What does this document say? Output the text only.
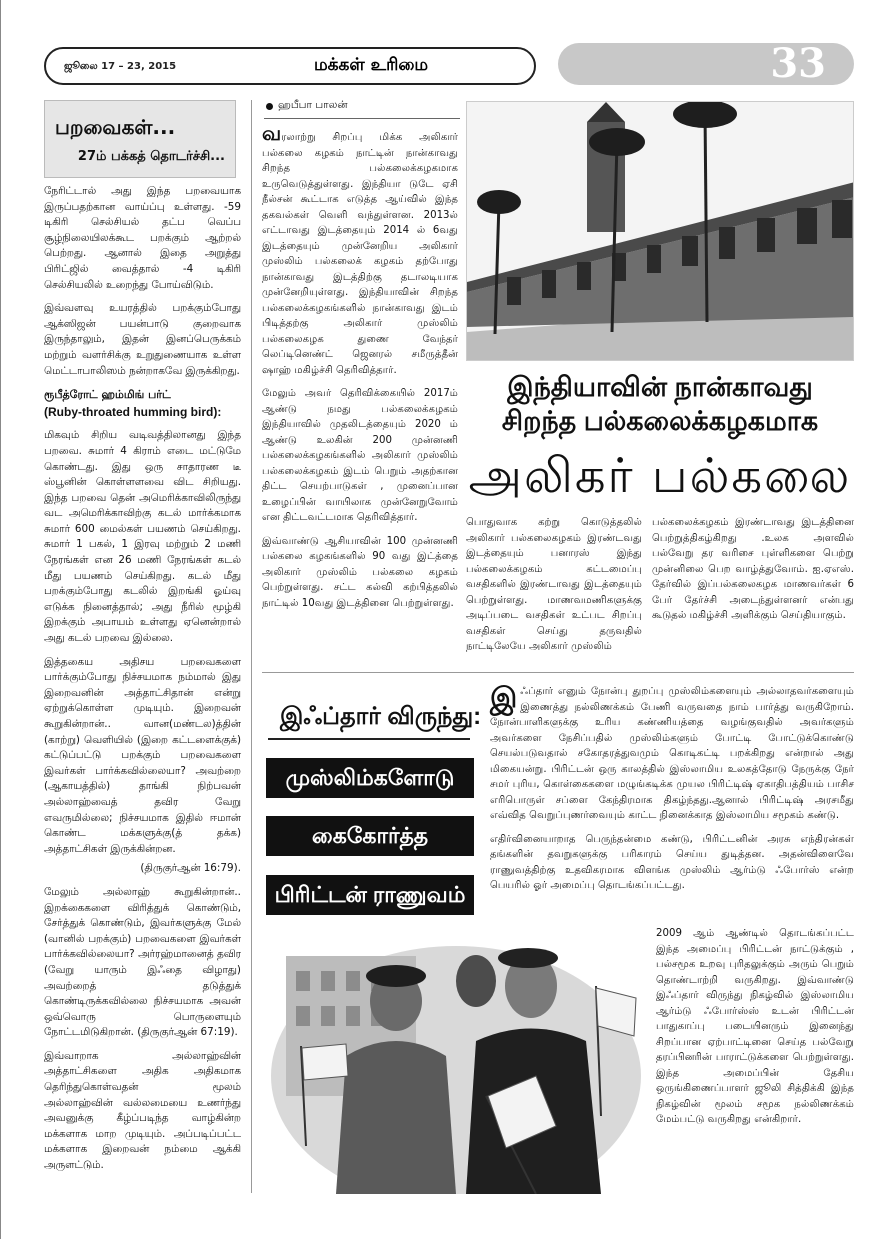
ஜூலை 17 – 23, 2015	மக்கள் உரிமை	33
பறவைகள்...
27ம் பக்கத் தொடர்ச்சி...

நேரிட்டால் அது இந்த பறவையாக இருப்பதற்கான வாய்ப்பு உள்ளது. -59 டிகிரி செல்சியல் தட்ப வெப்ப சூழ்நிலையிலக்கூட பறக்கும் ஆற்றல் பெற்றது. ஆனால் இதை அறுத்து பிரிட்ஜில் வைத்தால் -4 டிகிரி செல்சியலில் உறைந்து போய்விடும்.

இவ்வளவு உயரத்தில் பறக்கும்போது ஆக்ஸிஜன் பயன்பாடு குறைவாக இருந்தாலும், இதன் இனப்பெருக்கம் மற்றும் வளர்சிக்கு உறுதுணையாக உள்ள மெட்டாபாலிஸம் நன்றாகவே இருக்கிறது.

ரூபீத்ரோட் ஹம்மிங் பர்ட்

(Ruby-throated humming bird):

மிகவும் சிறிய வடிவத்திலானது இந்த பறவை. சுமார் 4 கிராம் எடை மட்டுமே கொண்டது. இது ஒரு சாதாரண டீ ஸ்பூனின் கொள்ளளவை விட சிறியது. இந்த பறவை தென் அமெரிக்காவிலிருந்து வட அமெரிக்காவிற்கு கடல் மார்க்கமாக சுமார் 600 மைல்கள் பயணம் செய்கிறது. சுமார் 1 பகல், 1 இரவு மற்றும் 2 மணி நேரங்கள் என 26 மணி நேரங்கள் கடல் மீது பயணம் செய்கிறது. கடல் மீது பறக்கும்போது கடலில் இறங்கி ஓய்வு எடுக்க நினைத்தால்; அது நீரில் மூழ்கி இறக்கும் அபாயம் உள்ளது ஏனென்றால் அது கடல் பறவை இல்லை.

இத்தகைய அதிசய பறவைகளை பார்க்கும்போது நிச்சயமாக நம்மால் இது இறைவனின் அத்தாட்சிதான் என்று ஏற்றுக்கொள்ள முடியும். இறைவன் கூறுகின்றான்.. வான(மண்டல)த்தின் (காற்று) வெளியில் (இறை கட்டளைக்குக்) கட்டுப்பட்டு பறக்கும் பறவைகளை இவர்கள் பார்க்கவில்லையா? அவற்றை (ஆகாயத்தில்) தாங்கி நிற்பவன் அல்லாஹ்வைத் தவிர வேறு எவருமில்லை; நிச்சயமாக இதில் ஈமான் கொண்ட மக்களுக்கு(த் தக்க) அத்தாட்சிகள் இருக்கின்றன.

(திருகுர்ஆன் 16:79).

மேலும் அல்லாஹ் கூறுகின்றான்.. இறக்கைகளை விரித்துக் கொண்டும், சேர்த்துக் கொண்டும், இவர்களுக்கு மேல் (வானில் பறக்கும்) பறவைகளை இவர்கள் பார்க்கவில்லையா? அர்ரஹ்மானைத் தவிர (வேறு யாரும் இஃதை விழாது) அவற்றைத் தடுத்துக் கொண்டிருக்கவில்லை நிச்சயமாக அவன் ஒவ்வொரு பொருளையும் நோட்டமிடுகிறான். (திருகுர்ஆன் 67:19).

இவ்வாறாக அல்லாஹ்வின் அத்தாட்சிகளை அதிக அதிகமாக தெரிந்துகொள்வதன் மூலம் அல்லாஹ்வின் வல்லமையை உணர்ந்து அவனுக்கு கீழ்ப்படிந்த வாழ்கின்ற மக்களாக மாற முடியும். அப்படிப்பட்ட மக்களாக இறைவன் நம்மை ஆக்கி அருளட்டும்.

ஹபீபா பாலன்

வரலாற்று சிறப்பு மிக்க அலிகார் பல்கலை கழகம் நாட்டின் நான்காவது சிறந்த பல்கலைக்கழகமாக உருவெடுத்துள்ளது. இந்தியா டுடே ஏசி நீல்சன் கூட்டாக எடுத்த ஆய்வில் இந்த தகவல்கள் வெளி வந்துள்ளன. 2013ல் எட்டாவது இடத்தையும் 2014 ல் 6வது இடத்தையும் முன்னேறிய அலிகார் முஸ்லிம் பல்கலைக் கழகம் தற்போது நான்காவது இடத்திற்கு தடாலடியாக முன்னேறியுள்ளது. இந்தியாவின் சிறந்த பல்கலைக்கழகங்களில் நான்காவது இடம் பிடித்தற்கு அலிகார் முஸ்லிம் பல்கலைகழக துணை வேந்தர் லெப்டினெண்ட் ஜெனரல் சமீருத்தீன் ஷாஹ் மகிழ்ச்சி தெரிவித்தார்.

மேலும் அவர் தெரிவிக்கையில் 2017ம் ஆண்டு நமது பல்கலைக்கழகம் இந்தியாவில் முதலிடத்தையும் 2020 ம் ஆண்டு உலகின் 200 முன்னணி பல்கலைக்கழகங்களில் அலிகார் முஸ்லிம் பல்கலைக்கழகம் இடம் பெறும் அதற்கான திட்ட செயற்பாடுகள் , முனைப்பான உழைப்பின் வாயிலாக முன்னேறுவோம் என திட்டவட்டமாக தெரிவித்தார்.

இவ்வாண்டு ஆசியாவின் 100 முன்னணி பல்கலை கழகங்களில் 90 வது இட்த்தை அலிகார் முஸ்லிம் பல்கலை கழகம் பெற்றுள்ளது. சட்ட கல்வி கற்பித்தலில் நாட்டில் 10வது இடத்தினை பெற்றுள்ளது.

இந்தியாவின் நான்காவது
சிறந்த பல்கலைக்கழகமாக
அலிகர் பல்கலை

பொதுவாக கற்று கொடுத்தலில் அலிகார் பல்கலைகழகம் இரண்டவது இடத்தையும் பனாரஸ் இந்து பல்கலைக்கழகம் கட்டமைப்பு வசதிகளில் இரண்டாவது இடத்தையும் பெற்றுள்ளது. மாணவமணிகளுக்கு அடிப்படை வசதிகள் உட்பட சிறப்பு வசதிகள் செய்து தருவதில் நாட்டிலேயே அலிகார் முஸ்லிம்

பல்கலைக்கழகம் இரண்டாவது இடத்தினை பெற்றுத்திகழ்கிறது .உலக அளவில் பல்வேறு தர வரிசை புள்ளிகளை பெற்று முன்னிலை பெற வாழ்த்துவோம். ஐ.ஏஎஸ். தேர்வில் இப்பல்கலைகழக மாணவர்கள் 6 பேர் தேர்ச்சி அடைந்துள்ளனர் என்பது கூடுதல் மகிழ்ச்சி அளிக்கும் செய்தியாகும்.

இஃப்தார் விருந்து:
முஸ்லிம்களோடு
கைகோர்த்த
பிரிட்டன் ராணுவம்

இஃப்தார் எனும் நோன்பு துறப்பு முஸ்லிம்களையும் அல்லாதவர்களையும் இணைத்து நல்லிணக்கம் பேணி வருவதை நாம் பார்த்து வருகிறோம். நோன்பாளிகளுக்கு உரிய கண்ணியத்தை வழங்குவதில் அவர்களும் அவர்களை நேசிப்பதில் முஸ்லிம்களும் போட்டி போட்டுக்கொண்டு செயல்படுவதால் சகோதரத்துவமும் கொடிகட்டி பறக்கிறது என்றால் அது மிகையன்று. பிரிட்டன் ஒரு காலத்தில் இஸ்லாமிய உலகத்தோடு நேருக்கு நேர் சமர் புரிய, கொள்கைகளை மழுங்கடிக்க முயல பிரிட்டிஷ் ஏகாதிபத்தியம் பாசிச எரிபொருள் சப்ளை கேந்திரமாக திகழ்ந்தது.ஆனால் பிரிட்டிஷ் அரசமீது எவ்வித வெறுப்புணர்வையும் காட்ட நினைக்காத இஸ்லாமிய சமூகம் கண்டு.

எதிர்வினையாறாத பெருந்தன்மை கண்டு, பிரிட்டனின் அரசு எந்திரன்கள் தங்களின் தவறுகளுக்கு பரிகாரம் செய்ய துடித்தன. அதன்விளைவே ராணுவத்திற்கு உதவிகரமாக விளங்க முஸ்லிம் ஆர்ம்டு ஃபோர்ஸ் என்ற பெயரில் ஓர் அமைப்பு தொடங்கப்பட்டது.

2009 ஆம் ஆண்டில் தொடங்கப்பட்ட இந்த அமைப்பு பிரிட்டன் நாட்டுக்கும் , பல்சமூக உறவு புரிதலுக்கும் அரும் பெறும் தொண்டாற்றி வருகிறது. இவ்வாண்டு இஃப்தார் விருந்து நிகழ்வில் இஸ்லாமிய ஆர்ம்டு ஃபோர்ஸ்ஸ் உடன் பிரிட்டன் பாதுகாப்பு படையினரும் இனைந்து சிறப்பான ஏற்பாட்டினை செய்த பல்வேறு தரப்பினரின் பாராட்டுக்களை பெற்றுள்ளது. இந்த அமைப்பின் தேசிய ஒருங்கிணைப்பாளர் ஜூலி சித்திக்கி இந்த நிகழ்வின் மூலம் சமூக நல்லிணக்கம் மேம்பட்டு வருகிறது என்கிறார்.
